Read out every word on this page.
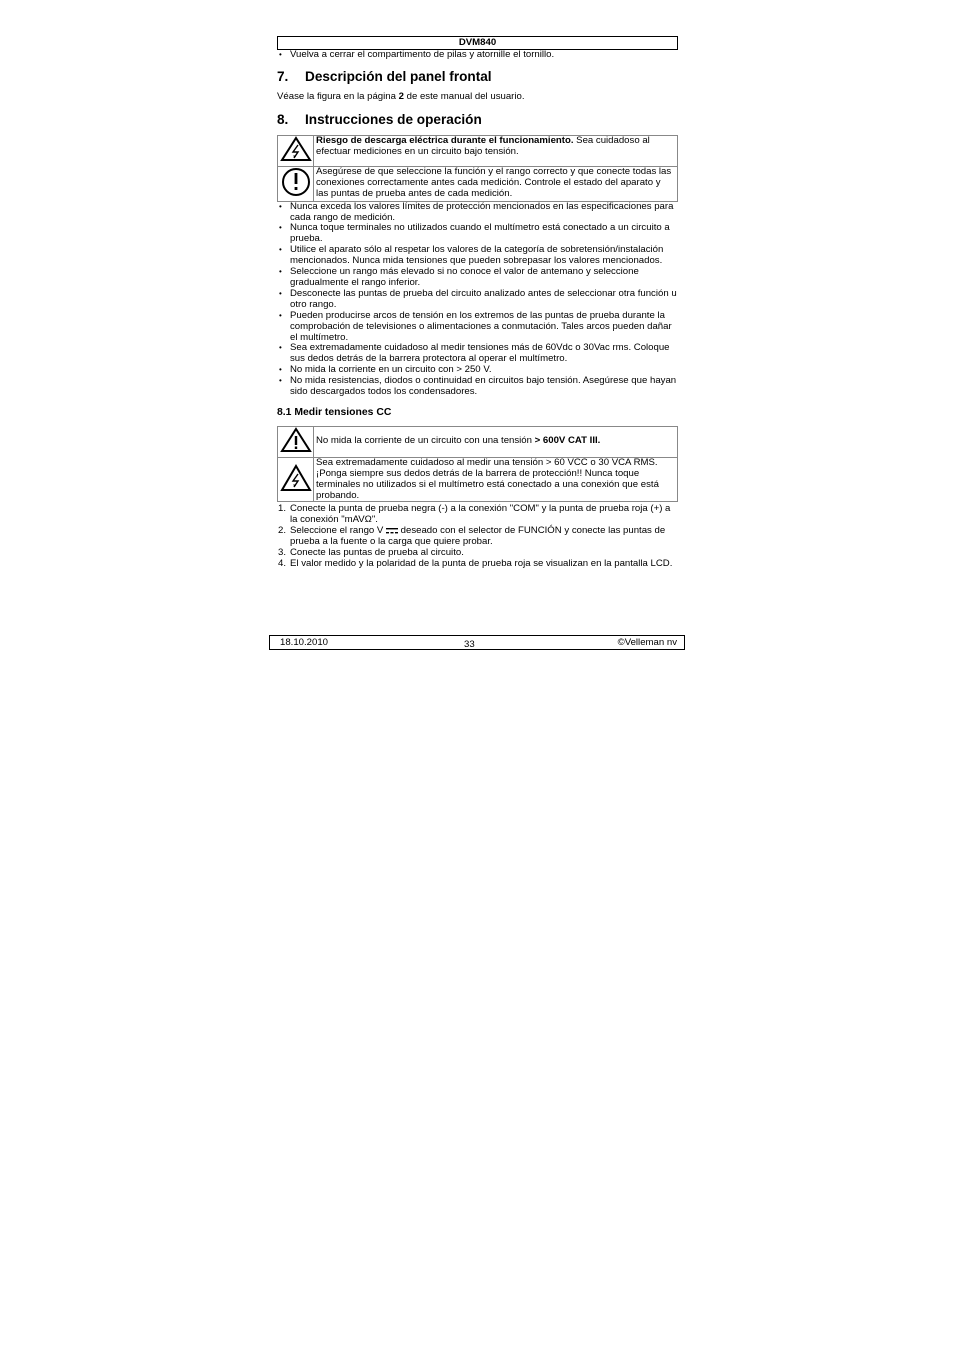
DVM840
• Vuelva a cerrar el compartimento de pilas y atornille el tornillo.
7. Descripción del panel frontal

Véase la figura en la página 2 de este manual del usuario.

8. Instrucciones de operación
	Riesgo de descarga eléctrica durante el funcionamiento. Sea cuidadoso al efectuar mediciones en un circuito bajo tensión.
	Asegúrese de que seleccione la función y el rango correcto y que conecte todas las conexiones correctamente antes cada medición. Controle el estado del aparato y las puntas de prueba antes de cada medición.
• Nunca exceda los valores límites de protección mencionados en las especificaciones para cada rango de medición.
• Nunca toque terminales no utilizados cuando el multímetro está conectado a un circuito a prueba.
• Utilice el aparato sólo al respetar los valores de la categoría de sobretensión/instalación mencionados. Nunca mida tensiones que pueden sobrepasar los valores mencionados.
• Seleccione un rango más elevado si no conoce el valor de antemano y seleccione gradualmente el rango inferior.
• Desconecte las puntas de prueba del circuito analizado antes de seleccionar otra función u otro rango.
• Pueden producirse arcos de tensión en los extremos de las puntas de prueba durante la comprobación de televisiones o alimentaciones a conmutación. Tales arcos pueden dañar el multímetro.
• Sea extremadamente cuidadoso al medir tensiones más de 60Vdc o 30Vac rms. Coloque sus dedos detrás de la barrera protectora al operar el multímetro.
• No mida la corriente en un circuito con > 250 V.
• No mida resistencias, diodos o continuidad en circuitos bajo tensión. Asegúrese que hayan sido descargados todos los condensadores.
8.1 Medir tensiones CC
	No mida la corriente de un circuito con una tensión > 600V CAT III.
	Sea extremadamente cuidadoso al medir una tensión > 60 VCC o 30 VCA RMS. ¡Ponga siempre sus dedos detrás de la barrera de protección!! Nunca toque terminales no utilizados si el multímetro está conectado a una conexión que está probando.
1. Conecte la punta de prueba negra (-) a la conexión "COM" y la punta de prueba roja (+) a la conexión "mAVΩ".
2. Seleccione el rango V  deseado con el selector de FUNCIÓN y conecte las puntas de prueba a la fuente o la carga que quiere probar.
3. Conecte las puntas de prueba al circuito.
4. El valor medido y la polaridad de la punta de prueba roja se visualizan en la pantalla LCD.
18.10.2010	33	©Velleman nv
